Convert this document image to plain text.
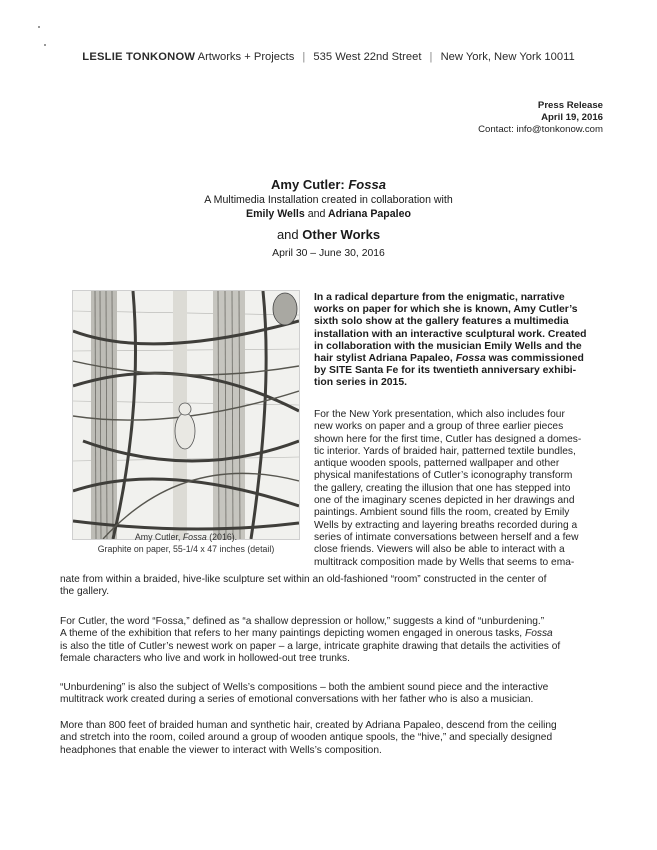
LESLIE TONKONOW Artworks + Projects | 535 West 22nd Street | New York, New York 10011
Press Release
April 19, 2016
Contact: info@tonkonow.com
Amy Cutler: Fossa
A Multimedia Installation created in collaboration with
Emily Wells and Adriana Papaleo
and Other Works
April 30 – June 30, 2016
Amy Cutler, Fossa (2016).
Graphite on paper, 55-1/4 x 47 inches (detail)
In a radical departure from the enigmatic, narrative
works on paper for which she is known, Amy Cutler’s
sixth solo show at the gallery features a multimedia
installation with an interactive sculptural work. Created
in collaboration with the musician Emily Wells and the
hair stylist Adriana Papaleo, Fossa was commissioned
by SITE Santa Fe for its twentieth anniversary exhibi-
tion series in 2015.
For the New York presentation, which also includes four
new works on paper and a group of three earlier pieces
shown here for the first time, Cutler has designed a domes-
tic interior. Yards of braided hair, patterned textile bundles,
antique wooden spools, patterned wallpaper and other
physical manifestations of Cutler’s iconography transform
the gallery, creating the illusion that one has stepped into
one of the imaginary scenes depicted in her drawings and
paintings. Ambient sound fills the room, created by Emily
Wells by extracting and layering breaths recorded during a
series of intimate conversations between herself and a few
close friends. Viewers will also be able to interact with a
multitrack composition made by Wells that seems to ema-
nate from within a braided, hive-like sculpture set within an old-fashioned “room” constructed in the center of
the gallery.
For Cutler, the word “Fossa,” defined as “a shallow depression or hollow,” suggests a kind of “unburdening.”
A theme of the exhibition that refers to her many paintings depicting women engaged in onerous tasks, Fossa
is also the title of Cutler’s newest work on paper – a large, intricate graphite drawing that details the activities of
female characters who live and work in hollowed-out tree trunks.
“Unburdening” is also the subject of Wells’s compositions – both the ambient sound piece and the interactive
multitrack work created during a series of emotional conversations with her father who is also a musician.
More than 800 feet of braided human and synthetic hair, created by Adriana Papaleo, descend from the ceiling
and stretch into the room, coiled around a group of wooden antique spools, the “hive,” and specially designed
headphones that enable the viewer to interact with Wells’s composition.
